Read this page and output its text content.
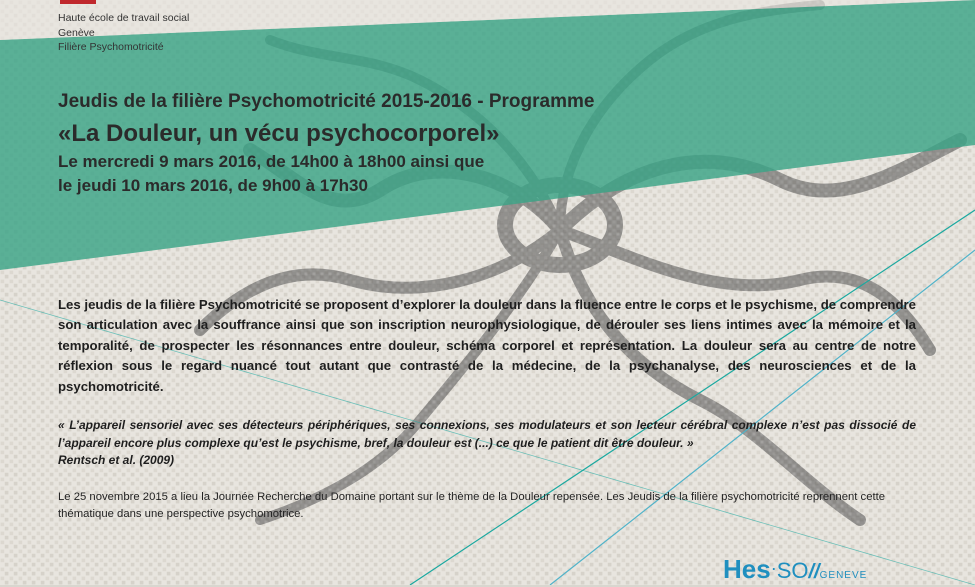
Haute école de travail social
Genève
Filière Psychomotricité
Jeudis de la filière Psychomotricité 2015-2016 - Programme
«La Douleur, un vécu psychocorporel»
Le mercredi 9 mars 2016, de 14h00 à 18h00 ainsi que
le jeudi 10 mars 2016, de 9h00 à 17h30
Les jeudis de la filière Psychomotricité se proposent d’explorer la douleur dans la fluence entre le corps et le psychisme, de comprendre son articulation avec la souffrance ainsi que son inscription neurophysiologique, de dérouler ses liens intimes avec la mémoire et la temporalité, de prospecter les résonnances entre douleur, schéma corporel et représentation. La douleur sera au centre de notre réflexion sous le regard nuancé tout autant que contrasté de la médecine, de la psychanalyse, des neurosciences et de la psychomotricité.
« L’appareil sensoriel avec ses détecteurs périphériques, ses connexions, ses modulateurs et son lecteur cérébral complexe n’est pas dissocié de l’appareil encore plus complexe qu’est le psychisme, bref, la douleur est (...) ce que le patient dit être douleur. »
Rentsch et al. (2009)
Le 25 novembre 2015 a lieu la Journée Recherche du Domaine portant sur le thème de la Douleur repensée. Les Jeudis de la filière psychomotricité reprennent cette thématique dans une perspective psychomotrice.
Hes·SO//GENEVE
